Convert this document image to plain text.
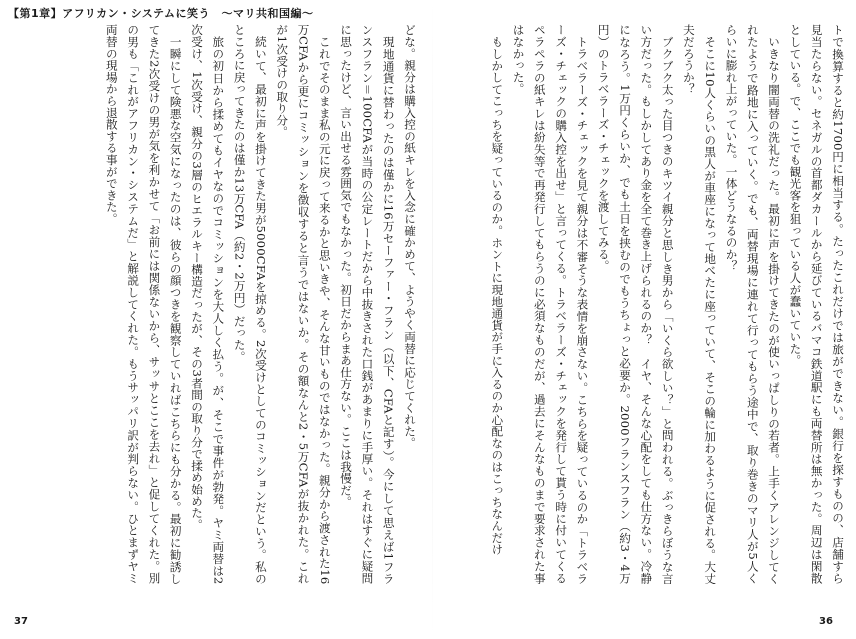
【第1章】アフリカン・システムに笑う　〜マリ共和国編〜

どな。親分は購入控の紙キレを入念に確かめて、ようやく両替に応じてくれた。

現地通貨に替わったのは僅かに16万セーファー・フラン（以下、CFAと記す）。今にして思えば1フランスフラン＝100CFAが当時の公定レートだから中抜きされた口銭があまりに手厚い。それはすぐに疑問に思ったけど、言い出せる雰囲気でもなかった。初日だからまあ仕方ない。ここは我慢だ。

これでそのまま私の元に戻って来るかと思いきや、そんな甘いものではなかった。親分から渡された16万CFAから更にコミッションを徴収すると言うではないか。その額なんと2・5万CFAが抜かれた。これが1次受けの取り分。

続いて、最初に声を掛けてきた男が5000CFAを掠める。2次受けとしてのコミッションだという。私のところに戻ってきたのは僅か13万CFA（約2・2万円）だった。

旅の初日から揉めてもイヤなのでコミッションを大人しく払う。が、そこで事件が勃発。ヤミ両替は2次受け、1次受け、親分の3層のヒエラルキー構造だったが、その3者間の取り分で揉め始めた。

一瞬にして険悪な空気になったのは、彼らの顔つきを観察していればこちらにも分かる。最初に勧誘してきた2次受けの男が気を利かせて「お前には関係ないから、サッサとここを去れ」と促してくれた。別の男も「これがアフリカン・システムだ」と解説してくれた。もうサッパリ訳が判らない。ひとまずヤミ両替の現場から退散する事ができた。	トで換算すると約1700円に相当する。たったこれだけでは旅ができない。銀行を探すものの、店舗すら見当たらない。セネガルの首都ダカールから延びているバマコ鉄道駅にも両替所は無かった。周辺は閑散としている。で、ここでも観光客を狙っている人が蠢いていた。

いきなり闇両替の洗礼だった。最初に声を掛けてきたのが使いっぱしりの若者。上手くアレンジしてくれたようで路地に入っていく。でも、両替現場に連れて行ってもらう途中で、取り巻きのマリ人が5人くらいに膨れ上がっていた。一体どうなるのか？

そこに10人くらいの黒人が車座になって地べたに座っていて、そこの輪に加わるように促される。大丈夫だろうか？

ブクブク太った目つきのキツイ親分と思しき男から「いくら欲しい？」と問われる。ぶっきらぼうな言い方だった。もしかしてあり金を全て巻き上げられるのか？　イヤ、そんな心配をしても仕方ない。冷静になろう。1万円くらいか、でも土日を挟むのでもうちょっと必要か。2000フランスフラン（約3・4万円）のトラベラーズ・チェックを渡してみる。

トラベラーズ・チェックを見て親分は不審そうな表情を崩さない。こちらを疑っているのか「トラベラーズ・チェックの購入控を出せ」と言ってくる。トラベラーズ・チェックを発行して貰う時に付いてくるペラペラの紙キレは紛失等で再発行してもらうのに必須なものだが、過去にそんなものまで要求された事はなかった。

もしかしてこっちを疑っているのか。ホントに現地通貨が手に入るのか心配なのはこっちなんだけ

37	36
